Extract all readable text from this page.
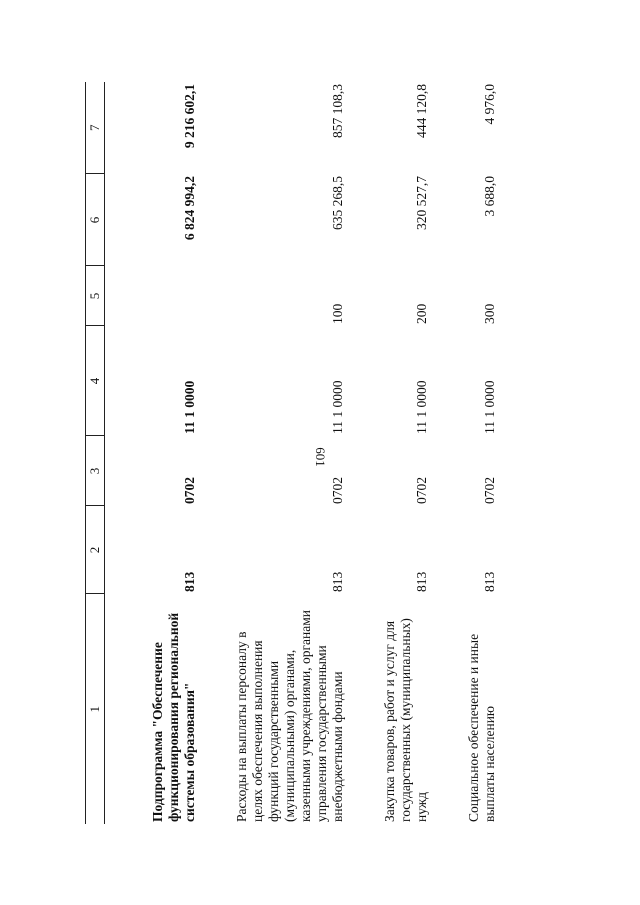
601
1	2	3	4	5	6	7
Подпрограмма "Обеспечение функционирования региональной системы образования"	813	0702	11 1 0000		6 824 994,2	9 216 602,1
Расходы на выплаты персоналу в целях обеспечения выполнения функций государственными (муниципальными) органами, казенными учреждениями, органами управления государственными внебюджетными фондами	813	0702	11 1 0000	100	635 268,5	857 108,3
Закупка товаров, работ и услуг для государственных (муниципальных) нужд	813	0702	11 1 0000	200	320 527,7	444 120,8
Социальное обеспечение и иные выплаты населению	813	0702	11 1 0000	300	3 688,0	4 976,0
